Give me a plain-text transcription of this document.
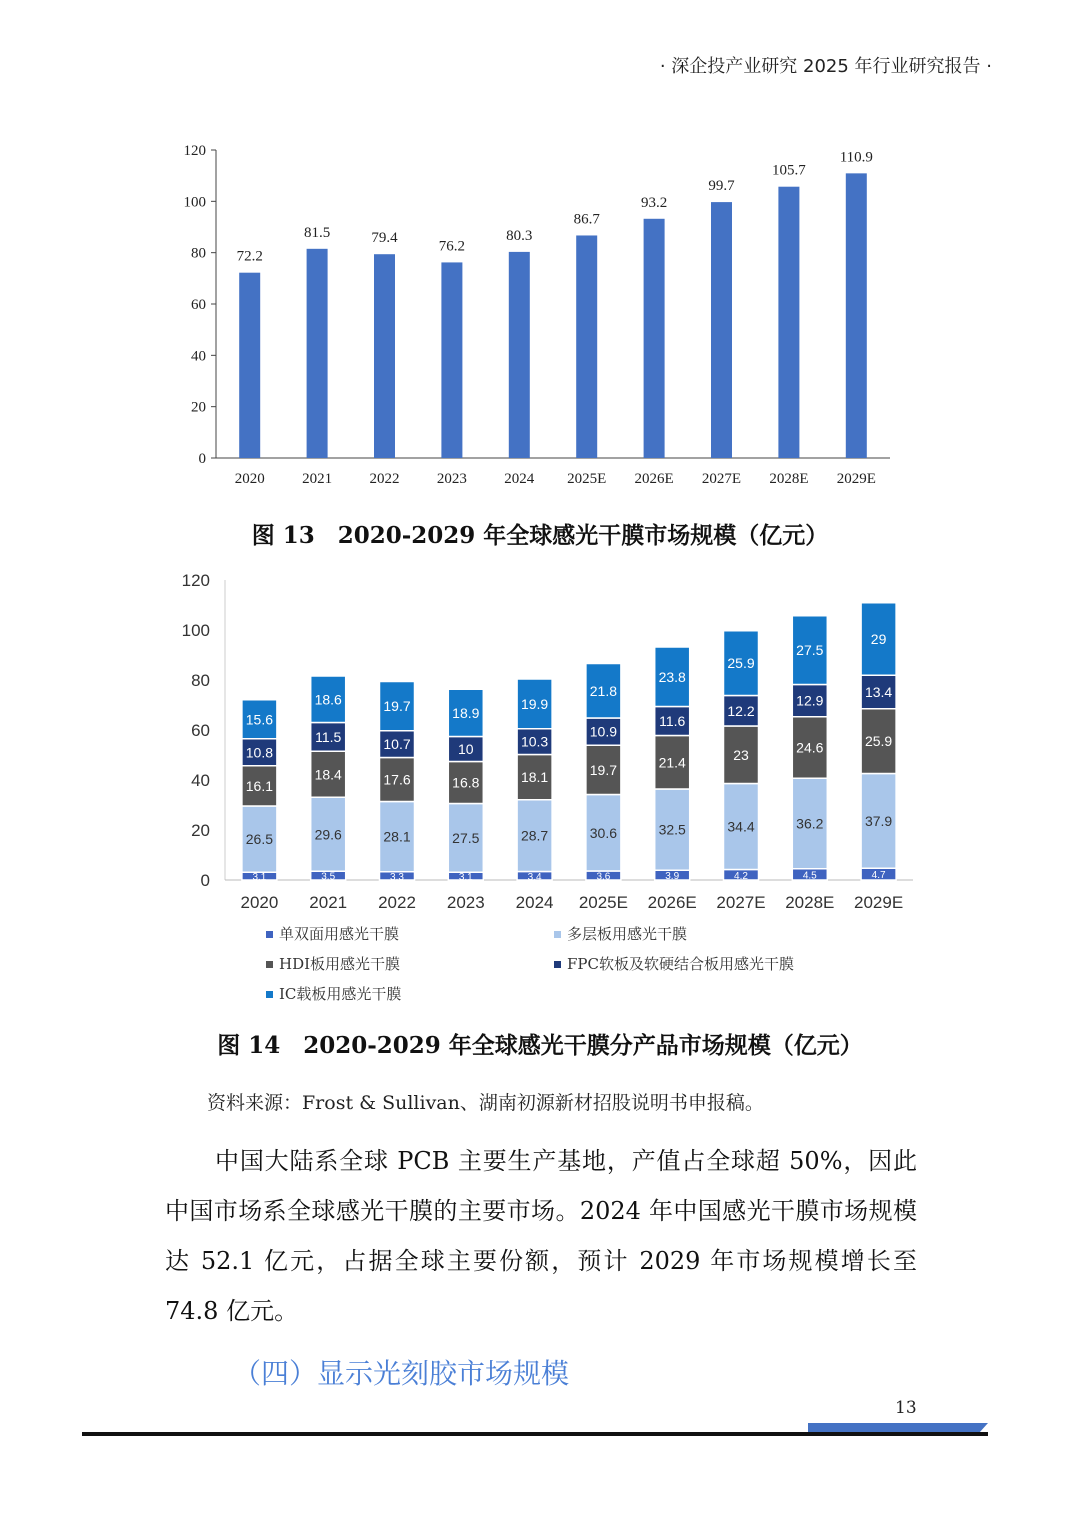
· 深企投产业研究 2025 年行业研究报告 ·
0
20
40
60
80
100
120
72.2
2020
81.5
2021
79.4
2022
76.2
2023
80.3
2024
86.7
2025E
93.2
2026E
99.7
2027E
105.7
2028E
110.9
2029E
图 13　2020-2029 年全球感光干膜市场规模（亿元）
0
20
40
60
80
100
120
3.1
26.5
16.1
10.8
15.6
2020
3.5
29.6
18.4
11.5
18.6
2021
3.3
28.1
17.6
10.7
19.7
2022
3.1
27.5
16.8
10
18.9
2023
3.4
28.7
18.1
10.3
19.9
2024
3.6
30.6
19.7
10.9
21.8
2025E
3.9
32.5
21.4
11.6
23.8
2026E
4.2
34.4
23
12.2
25.9
2027E
4.5
36.2
24.6
12.9
27.5
2028E
4.7
37.9
25.9
13.4
29
2029E
单双面用感光干膜	多层板用感光干膜
HDI板用感光干膜	FPC软板及软硬结合板用感光干膜
IC载板用感光干膜
图 14　2020-2029 年全球感光干膜分产品市场规模（亿元）
资料来源：Frost & Sullivan、湖南初源新材招股说明书申报稿。
中国大陆系全球 PCB 主要生产基地，产值占全球超 50%，因此中国市场系全球感光干膜的主要市场。2024 年中国感光干膜市场规模达 52.1 亿元，占据全球主要份额，预计 2029 年市场规模增长至 74.8 亿元。
（四）显示光刻胶市场规模
13
